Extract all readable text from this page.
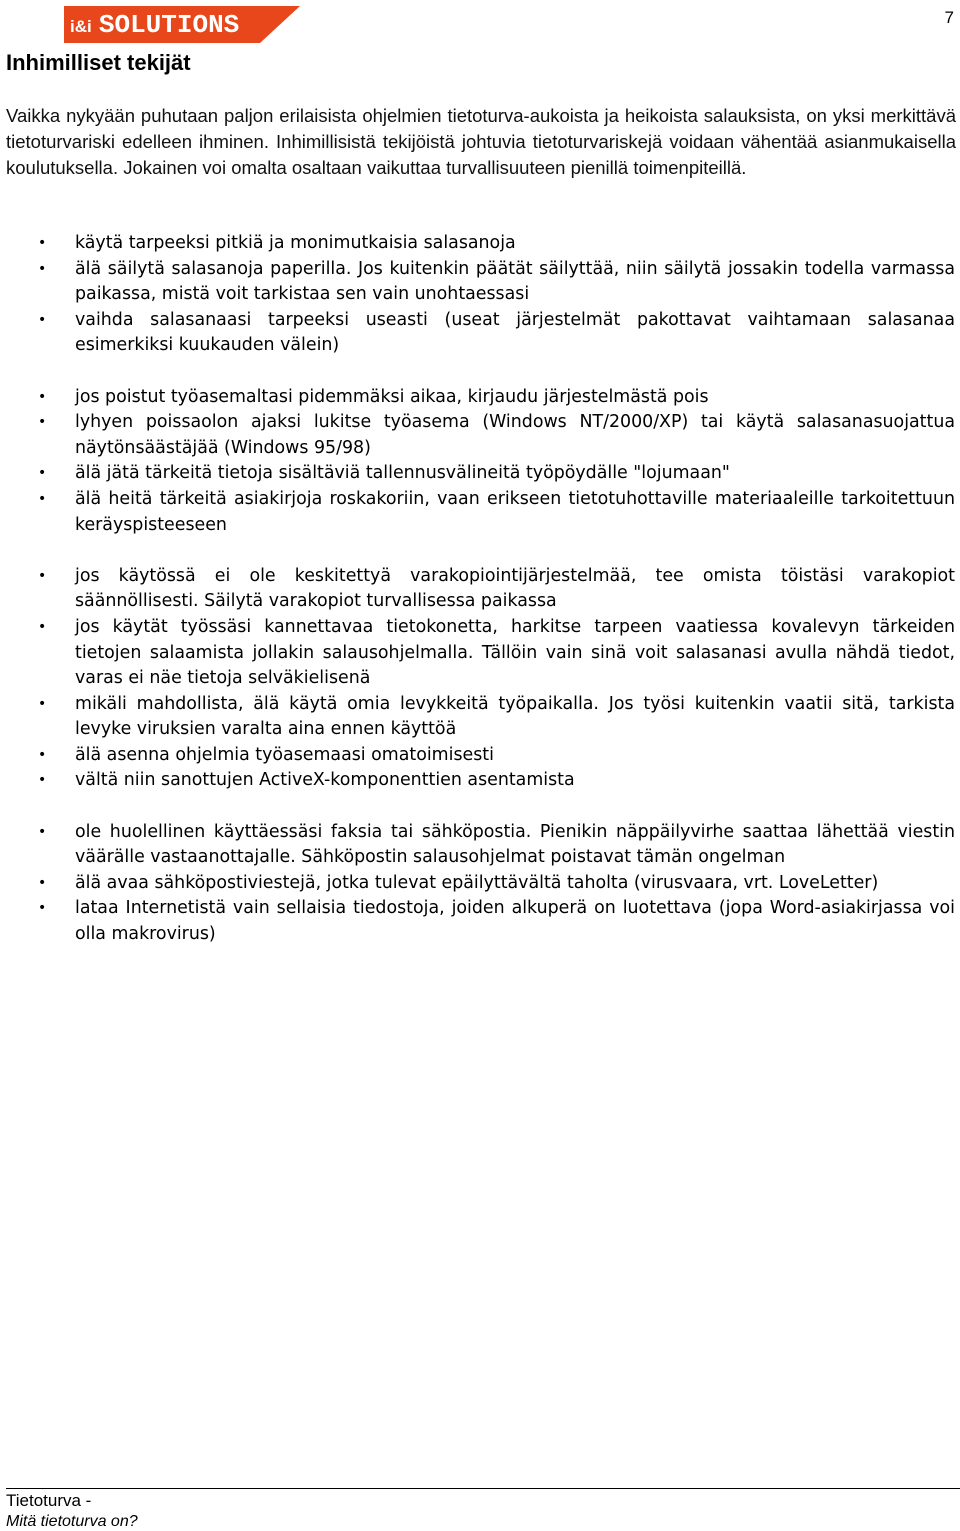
i&i SOLUTIONS	7
Inhimilliset tekijät

Vaikka nykyään puhutaan paljon erilaisista ohjelmien tietoturva-aukoista ja heikoista salauksista, on yksi merkittävä tietoturvariski edelleen ihminen. Inhimillisistä tekijöistä johtuvia tietoturvariskejä voidaan vähentää asianmukaisella koulutuksella. Jokainen voi omalta osaltaan vaikuttaa turvallisuuteen pienillä toimenpiteillä.

• käytä tarpeeksi pitkiä ja monimutkaisia salasanoja
• älä säilytä salasanoja paperilla. Jos kuitenkin päätät säilyttää, niin säilytä jossakin todella varmassa paikassa, mistä voit tarkistaa sen vain unohtaessasi
• vaihda salasanaasi tarpeeksi useasti (useat järjestelmät pakottavat vaihtamaan salasanaa esimerkiksi kuukauden välein)
• jos poistut työasemaltasi pidemmäksi aikaa, kirjaudu järjestelmästä pois
• lyhyen poissaolon ajaksi lukitse työasema (Windows NT/2000/XP) tai käytä salasanasuojattua näytönsäästäjää (Windows 95/98)
• älä jätä tärkeitä tietoja sisältäviä tallennusvälineitä työpöydälle "lojumaan"
• älä heitä tärkeitä asiakirjoja roskakoriin, vaan erikseen tietotuhottaville materiaaleille tarkoitettuun keräyspisteeseen
• jos käytössä ei ole keskitettyä varakopiointijärjestelmää, tee omista töistäsi varakopiot säännöllisesti. Säilytä varakopiot turvallisessa paikassa
• jos käytät työssäsi kannettavaa tietokonetta, harkitse tarpeen vaatiessa kovalevyn tärkeiden tietojen salaamista jollakin salausohjelmalla. Tällöin vain sinä voit salasanasi avulla nähdä tiedot, varas ei näe tietoja selväkielisenä
• mikäli mahdollista, älä käytä omia levykkeitä työpaikalla. Jos työsi kuitenkin vaatii sitä, tarkista levyke viruksien varalta aina ennen käyttöä
• älä asenna ohjelmia työasemaasi omatoimisesti
• vältä niin sanottujen ActiveX-komponenttien asentamista
• ole huolellinen käyttäessäsi faksia tai sähköpostia. Pienikin näppäilyvirhe saattaa lähettää viestin väärälle vastaanottajalle. Sähköpostin salausohjelmat poistavat tämän ongelman
• älä avaa sähköpostiviestejä, jotka tulevat epäilyttävältä taholta (virusvaara, vrt. LoveLetter)
• lataa Internetistä vain sellaisia tiedostoja, joiden alkuperä on luotettava (jopa Word-asiakirjassa voi olla makrovirus)
Tietoturva -
Mitä tietoturva on?
